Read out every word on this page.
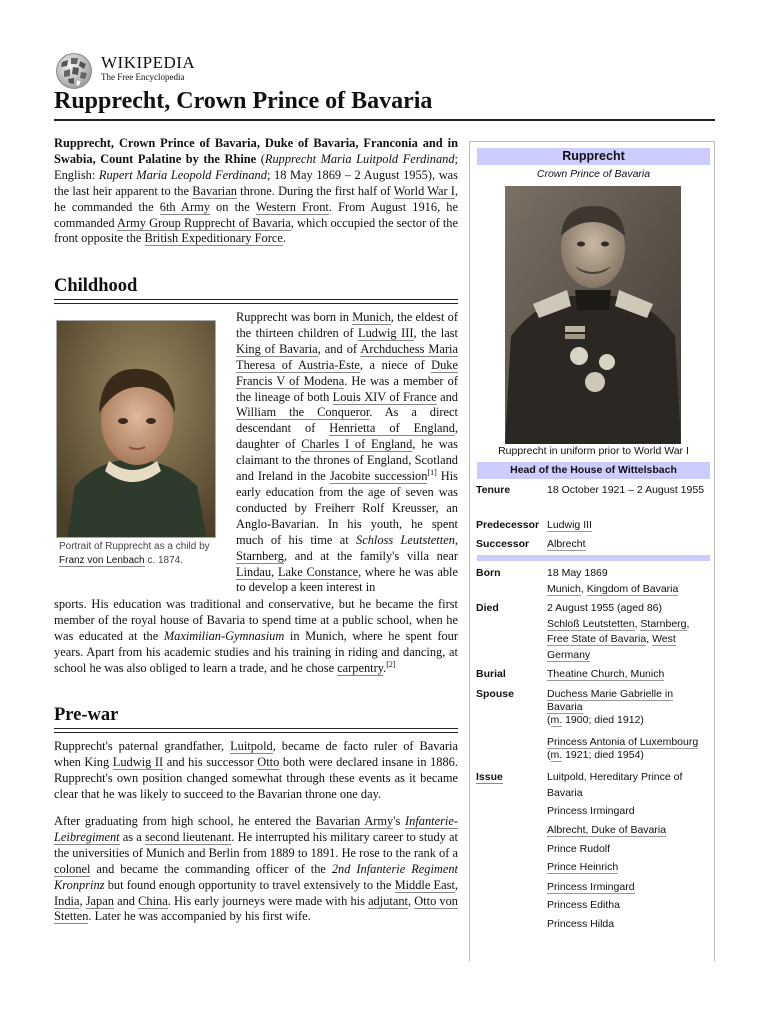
WIKIPEDIA
The Free Encyclopedia
Rupprecht, Crown Prince of Bavaria
Rupprecht, Crown Prince of Bavaria, Duke of Bavaria, Franconia and in Swabia, Count Palatine by the Rhine (Rupprecht Maria Luitpold Ferdinand; English: Rupert Maria Leopold Ferdinand; 18 May 1869 – 2 August 1955), was the last heir apparent to the Bavarian throne. During the first half of World War I, he commanded the 6th Army on the Western Front. From August 1916, he commanded Army Group Rupprecht of Bavaria, which occupied the sector of the front opposite the British Expeditionary Force.
Childhood
Portrait of Rupprecht as a child by Franz von Lenbach c. 1874.
Rupprecht was born in Munich, the eldest of the thirteen children of Ludwig III, the last King of Bavaria, and of Archduchess Maria Theresa of Austria-Este, a niece of Duke Francis V of Modena. He was a member of the lineage of both Louis XIV of France and William the Conqueror. As a direct descendant of Henrietta of England, daughter of Charles I of England, he was claimant to the thrones of England, Scotland and Ireland in the Jacobite succession[1] His early education from the age of seven was conducted by Freiherr Rolf Kreusser, an Anglo-Bavarian. In his youth, he spent much of his time at Schloss Leutstetten, Starnberg, and at the family's villa near Lindau, Lake Constance, where he was able to develop a keen interest in
sports. His education was traditional and conservative, but he became the first member of the royal house of Bavaria to spend time at a public school, when he was educated at the Maximilian-Gymnasium in Munich, where he spent four years. Apart from his academic studies and his training in riding and dancing, at school he was also obliged to learn a trade, and he chose carpentry.[2]
Pre-war
Rupprecht's paternal grandfather, Luitpold, became de facto ruler of Bavaria when King Ludwig II and his successor Otto both were declared insane in 1886. Rupprecht's own position changed somewhat through these events as it became clear that he was likely to succeed to the Bavarian throne one day.
After graduating from high school, he entered the Bavarian Army's Infanterie-Leibregiment as a second lieutenant. He interrupted his military career to study at the universities of Munich and Berlin from 1889 to 1891. He rose to the rank of a colonel and became the commanding officer of the 2nd Infanterie Regiment Kronprinz but found enough opportunity to travel extensively to the Middle East, India, Japan and China. His early journeys were made with his adjutant, Otto von Stetten. Later he was accompanied by his first wife.
Rupprecht
Crown Prince of Bavaria
Rupprecht in uniform prior to World War I
Head of the House of Wittelsbach
Tenure	18 October 1921 – 2 August 1955
Predecessor Ludwig III
Successor Albrecht
Born	18 May 1869
Munich, Kingdom of Bavaria
Died	2 August 1955 (aged 86)
Schloß Leutstetten, Starnberg, Free State of Bavaria, West Germany
Burial	Theatine Church, Munich
Spouse	Duchess Marie Gabrielle in Bavaria
(m. 1900; died 1912)
Princess Antonia of Luxembourg
(m. 1921; died 1954)
Issue	Luitpold, Hereditary Prince of Bavaria
Princess Irmingard
Albrecht, Duke of Bavaria
Prince Rudolf
Prince Heinrich
Princess Irmingard
Princess Editha
Princess Hilda
